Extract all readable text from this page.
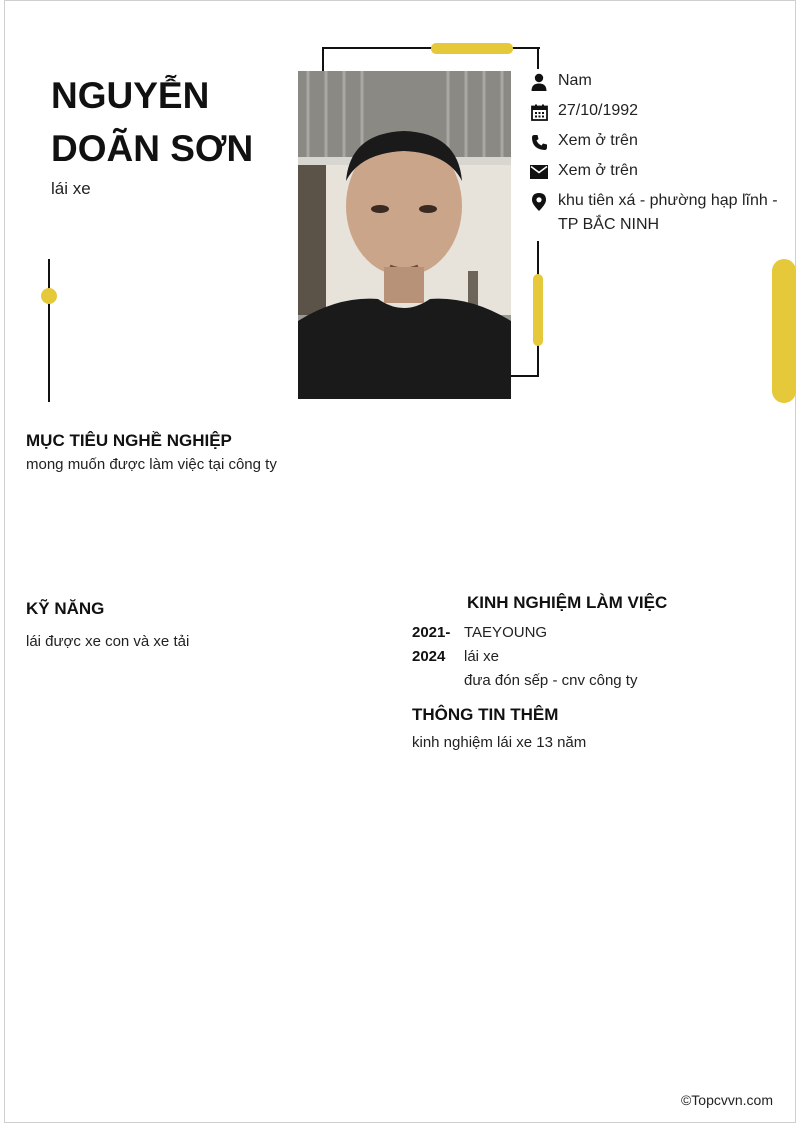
NGUYỄN
DOÃN SƠN
lái xe
Nam
27/10/1992
Xem ở trên
Xem ở trên
khu tiên xá - phường hạp lĩnh -
TP BẮC NINH
MỤC TIÊU NGHỀ NGHIỆP
mong muốn được làm việc tại công ty
KỸ NĂNG
lái được xe con và xe tải
KINH NGHIỆM LÀM VIỆC
2021-
2024
TAEYOUNG
lái xe
đưa đón sếp - cnv công ty
THÔNG TIN THÊM
kinh nghiệm lái xe 13 năm
©Topcvvn.com
